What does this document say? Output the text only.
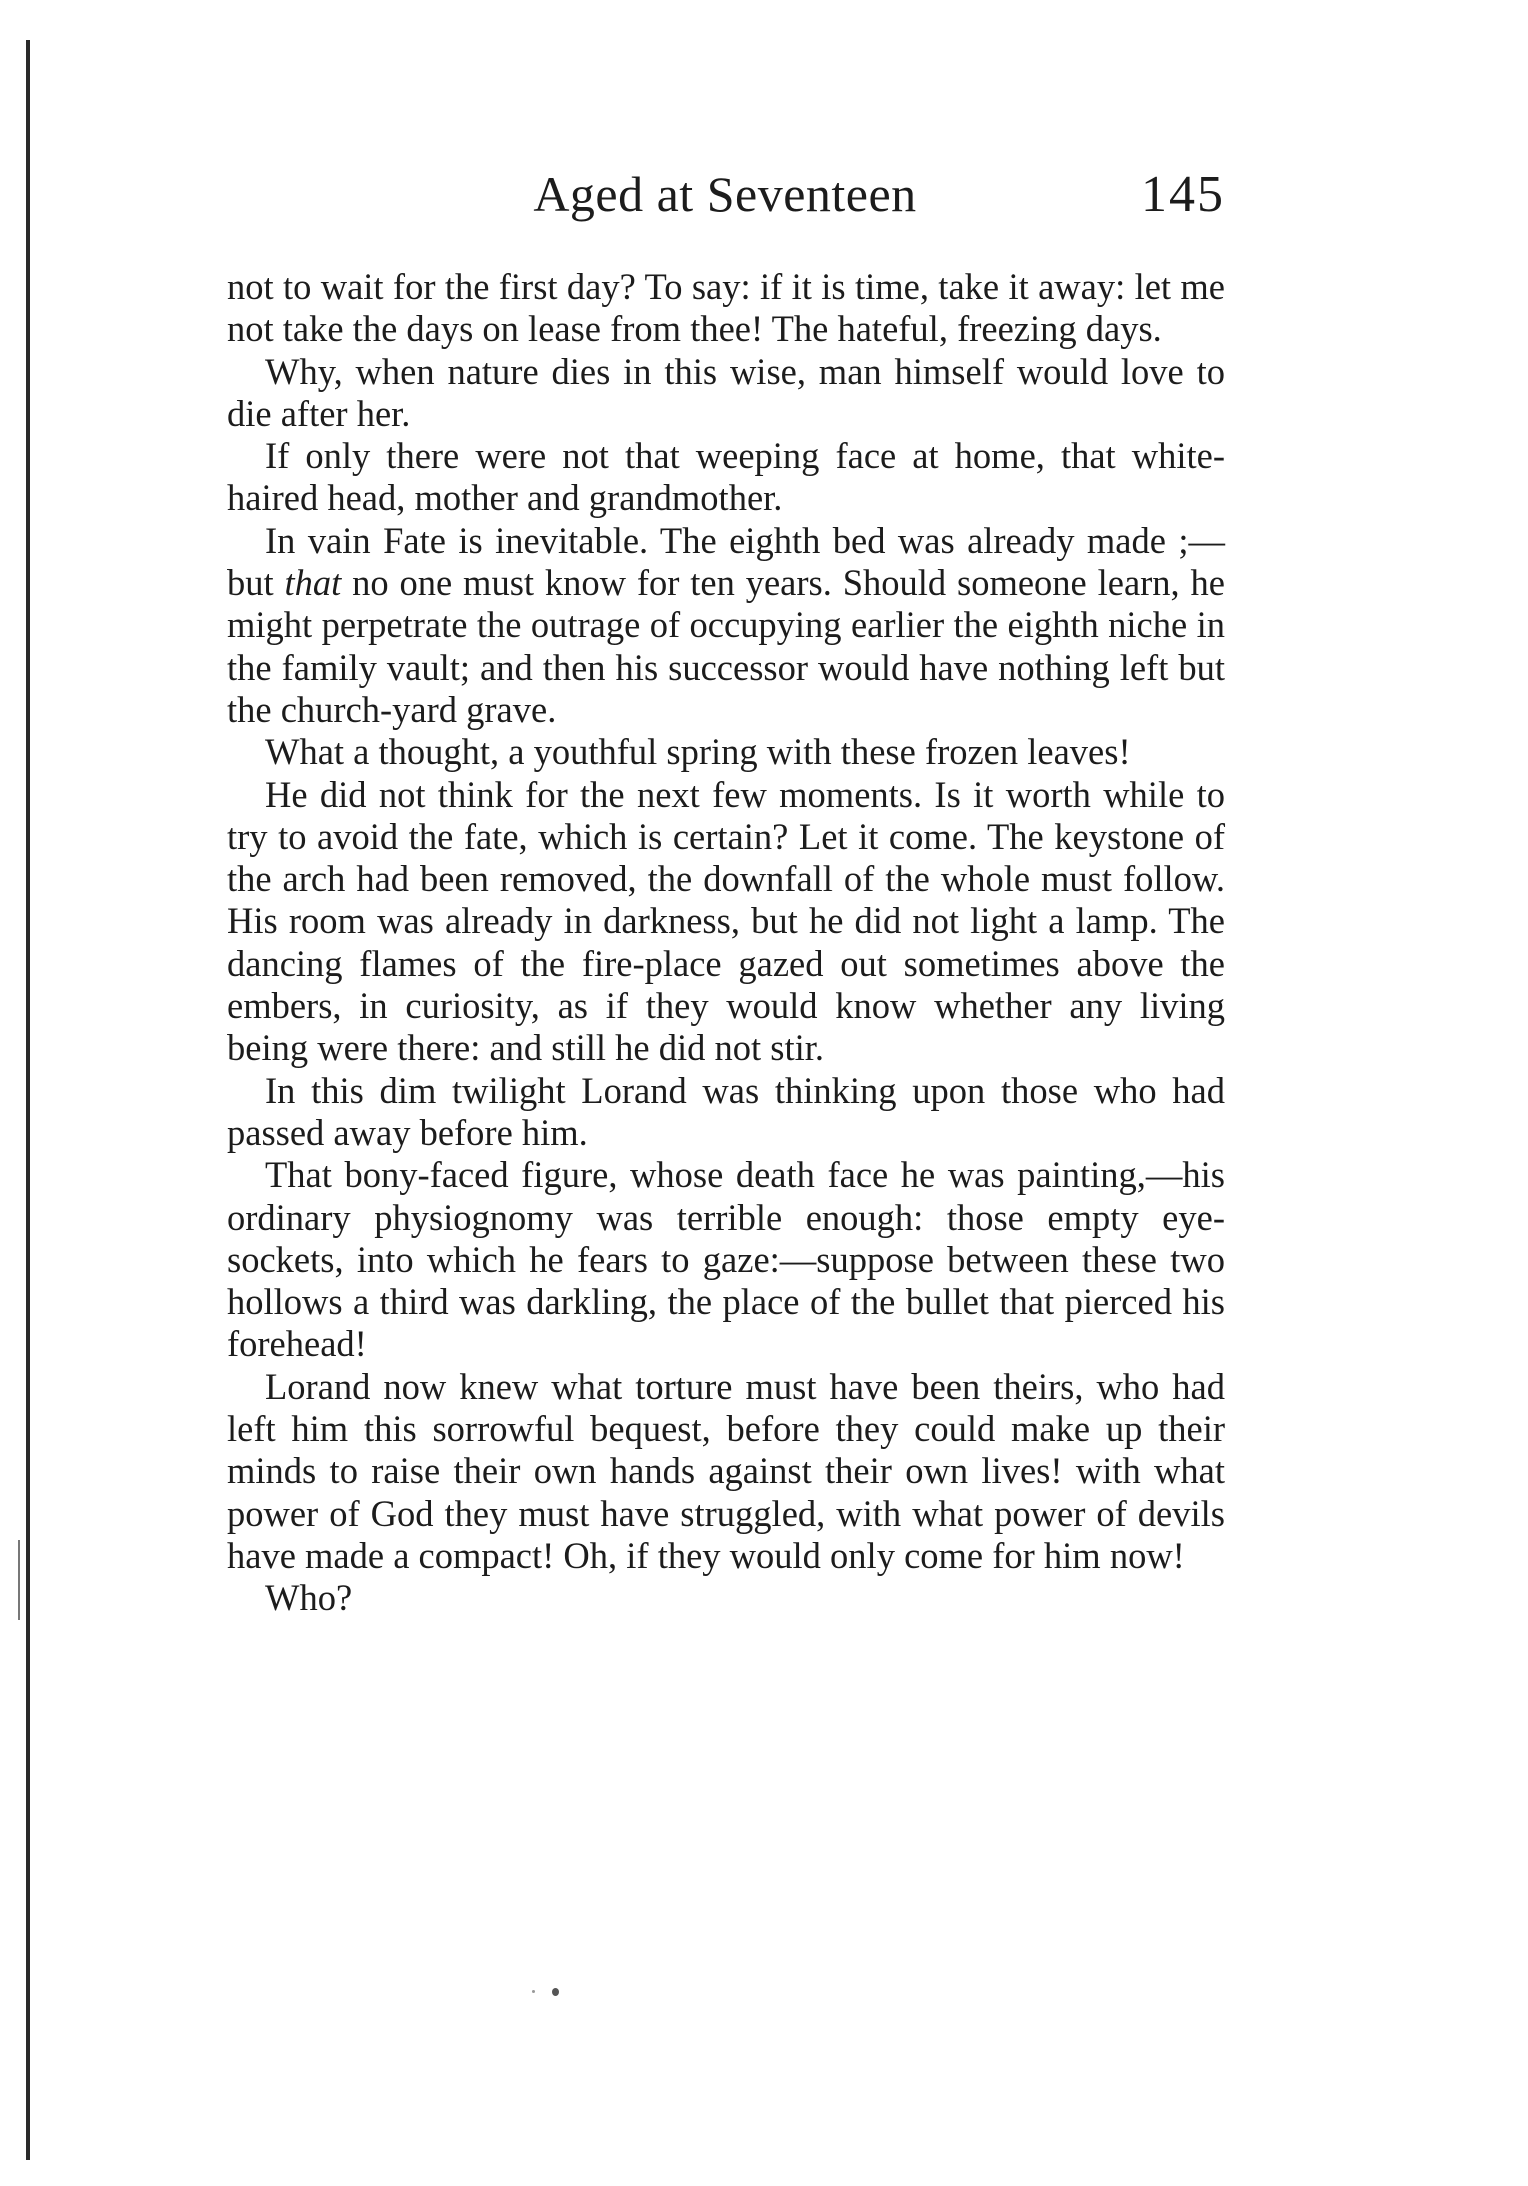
Aged at Seventeen	145

not to wait for the first day? To say: if it is time, take it away: let me not take the days on lease from thee! The hateful, freezing days.

Why, when nature dies in this wise, man himself would love to die after her.

If only there were not that weeping face at home, that white-haired head, mother and grandmother.

In vain Fate is inevitable. The eighth bed was already made ;—but that no one must know for ten years. Should someone learn, he might perpetrate the outrage of occupying earlier the eighth niche in the family vault; and then his successor would have nothing left but the church-yard grave.

What a thought, a youthful spring with these frozen leaves!

He did not think for the next few moments. Is it worth while to try to avoid the fate, which is certain? Let it come. The keystone of the arch had been removed, the downfall of the whole must follow. His room was already in darkness, but he did not light a lamp. The dancing flames of the fire-place gazed out sometimes above the embers, in curiosity, as if they would know whether any living being were there: and still he did not stir.

In this dim twilight Lorand was thinking upon those who had passed away before him.

That bony-faced figure, whose death face he was painting,—his ordinary physiognomy was terrible enough: those empty eye-sockets, into which he fears to gaze:—suppose between these two hollows a third was darkling, the place of the bullet that pierced his forehead!

Lorand now knew what torture must have been theirs, who had left him this sorrowful bequest, before they could make up their minds to raise their own hands against their own lives! with what power of God they must have struggled, with what power of devils have made a compact! Oh, if they would only come for him now!

Who?
